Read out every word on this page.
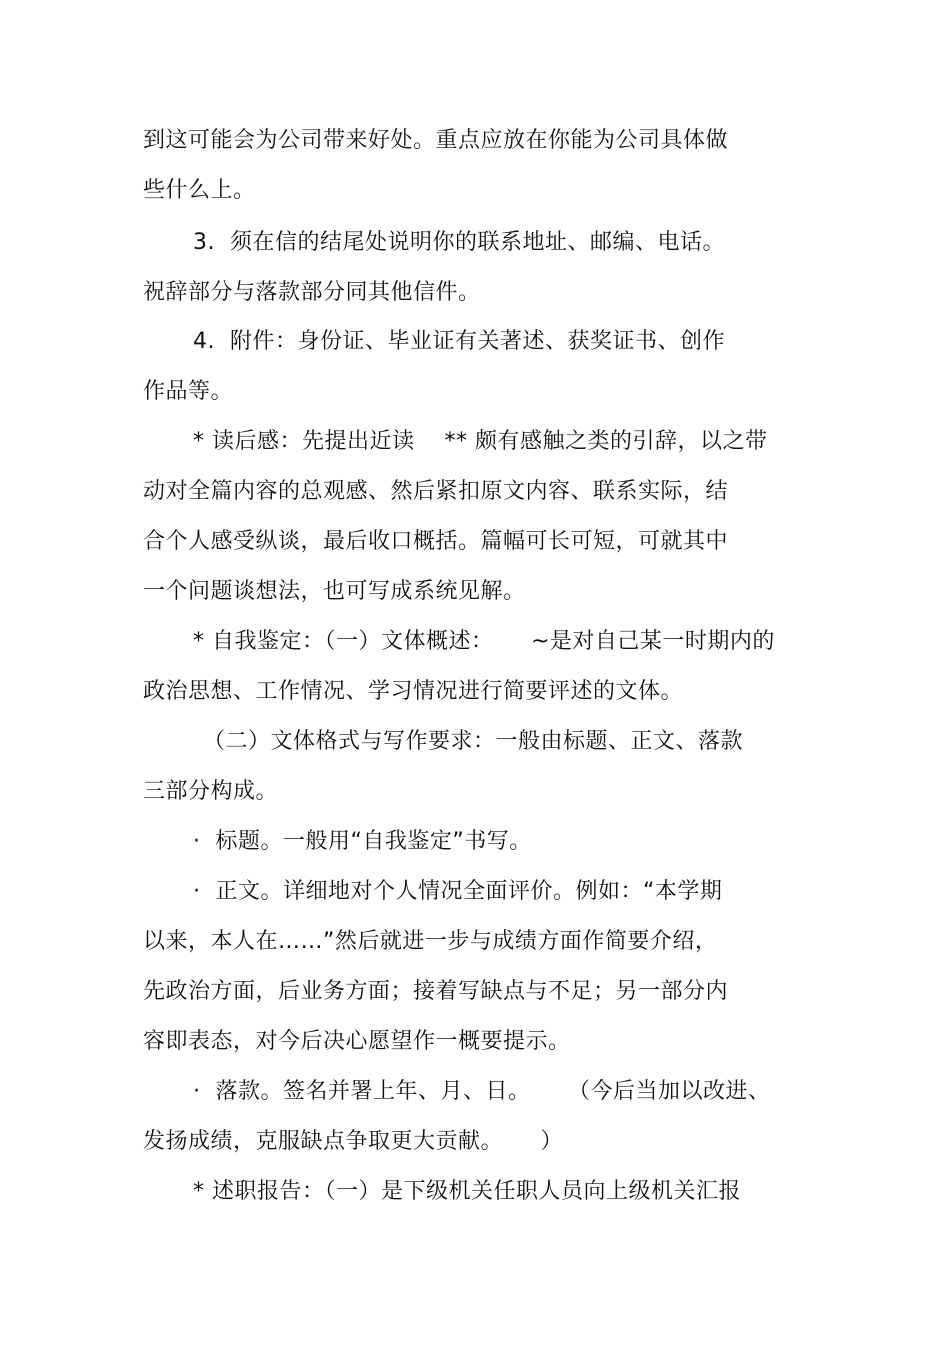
到这可能会为公司带来好处。重点应放在你能为公司具体做
些什么上。
3.  须在信的结尾处说明你的联系地址、邮编、电话。
祝辞部分与落款部分同其他信件。
4.  附件：身份证、毕业证有关著述、获奖证书、创作
作品等。
* 读后感：先提出近读    ** 颇有感触之类的引辞，以之带
动对全篇内容的总观感、然后紧扣原文内容、联系实际，结
合个人感受纵谈，最后收口概括。篇幅可长可短，可就其中
一个问题谈想法，也可写成系统见解。
* 自我鉴定：（一）文体概述：     ~是对自己某一时期内的
政治思想、工作情况、学习情况进行简要评述的文体。
（二）文体格式与写作要求：一般由标题、正文、落款
三部分构成。
·  标题。一般用“自我鉴定”书写。
·  正文。详细地对个人情况全面评价。例如：“本学期
以来，本人在……”然后就进一步与成绩方面作简要介绍，
先政治方面，后业务方面；接着写缺点与不足；另一部分内
容即表态，对今后决心愿望作一概要提示。
·  落款。签名并署上年、月、日。     （今后当加以改进、
发扬成绩，克服缺点争取更大贡献。     ）
* 述职报告：（一）是下级机关任职人员向上级机关汇报
